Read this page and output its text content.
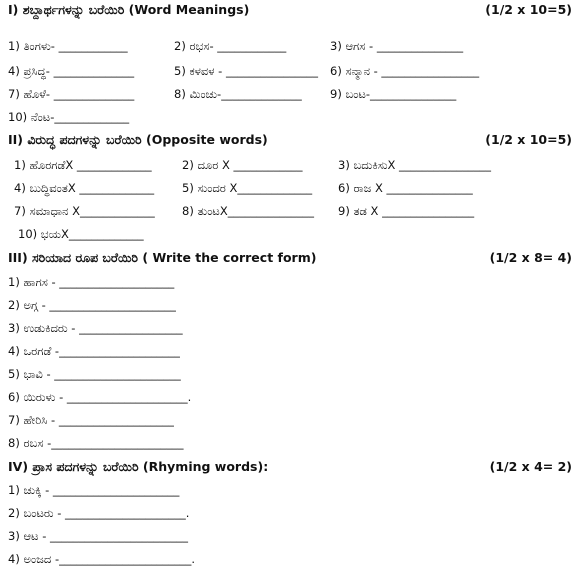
I) ಶಬ್ದಾರ್ಥಗಳನ್ನು ಬರೆಯಿರಿ (Word Meanings)	(1/2 x 10=5)
1) ತಿಂಗಳು- ____________	2) ರಭಸ- ____________	3) ಆಗಸ - _______________
4) ಪ್ರಸಿದ್ಧ- ______________	5) ಕಳವಳ - ________________ 6) ಸನ್ಮಾನ - _________________
7) ಹೊಳೆ- ______________	8) ಮಿಂಚು-______________ 9) ಬಂಟ-_______________
10) ನೆಂಟ-_____________
II) ವಿರುದ್ಧ ಪದಗಳನ್ನು ಬರೆಯಿರಿ (Opposite words)	(1/2 x 10=5)
1) ಹೊರಗಡೆX _____________	2) ದೂರ X ____________	3) ಬದುಕಿಸುX ________________
4) ಬುದ್ಧಿವಂತX _____________ 5) ಸುಂದರ X_____________ 6) ರಾಜ X _______________
7) ಸಮಾಧಾನ X_____________ 8) ತುಂಟX_______________ 9) ತಡ X ________________
10) ಭಯX_____________
III) ಸರಿಯಾದ ರೂಪ ಬರೆಯಿರಿ ( Write the correct form)	(1/2 x 8= 4)
1) ಹಾಗಸ - ____________________
2) ಅಗ್ಗ - ______________________
3) ಉಡುಕಿದರು - __________________
4) ಒರಗಡೆ -_____________________
5) ಭಾವಿ - ______________________
6) ಯಿರುಳು - _____________________.
7) ಹೇರಿಸಿ - ____________________
8) ರಬಸ -_______________________
IV) ಪ್ರಾಸ ಪದಗಳನ್ನು ಬರೆಯಿರಿ (Rhyming words):	(1/2 x 4= 2)
1) ಚುಕ್ಕಿ - ______________________
2) ಬಂಟರು - _____________________.
3) ಆಟ - ________________________
4) ಅಂಜದ -_______________________.
